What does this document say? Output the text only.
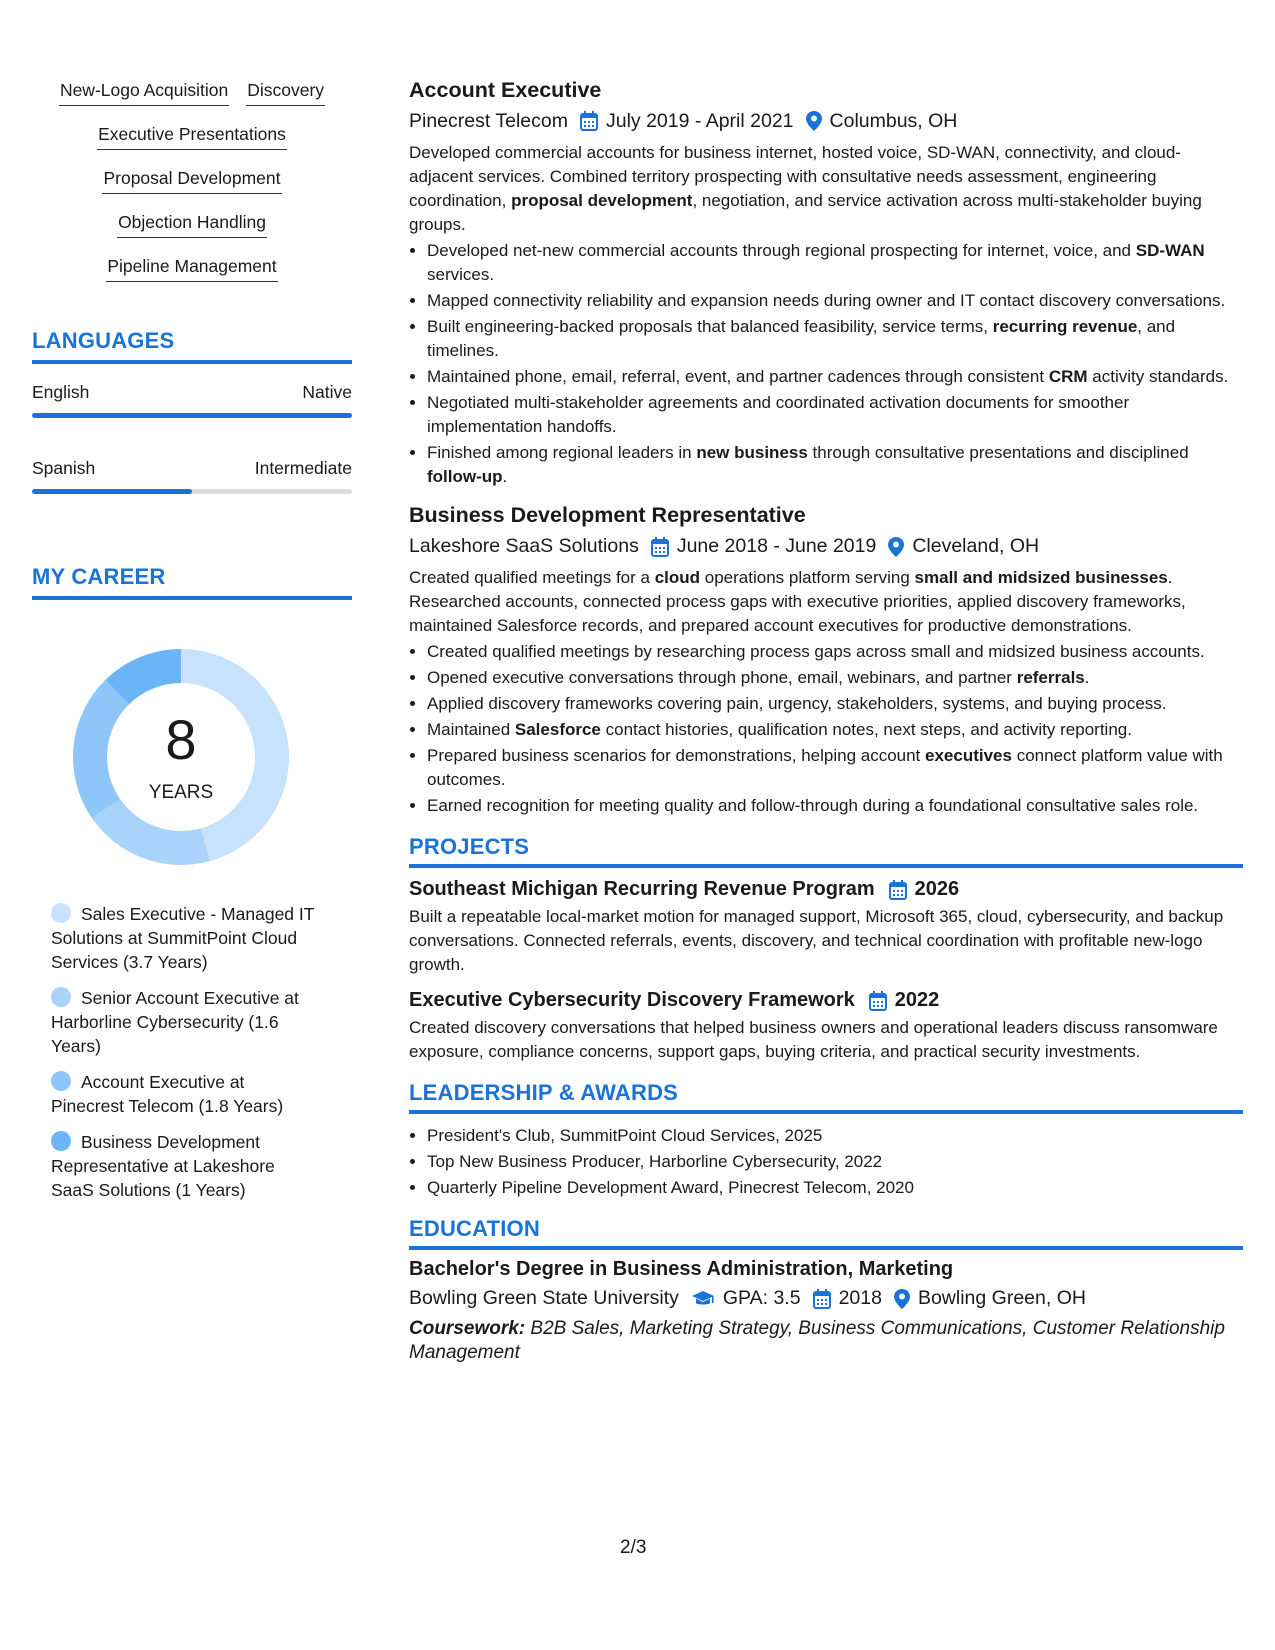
New-Logo Acquisition Discovery
Executive Presentations
Proposal Development
Objection Handling
Pipeline Management
LANGUAGES
English	Native
Spanish	Intermediate
MY CAREER
8
YEARS
Sales Executive - Managed IT Solutions at SummitPoint Cloud Services (3.7 Years)
Senior Account Executive at Harborline Cybersecurity (1.6 Years)
Account Executive at Pinecrest Telecom (1.8 Years)
Business Development Representative at Lakeshore SaaS Solutions (1 Years)
Account Executive
Pinecrest Telecom July 2019 - April 2021 Columbus, OH
Developed commercial accounts for business internet, hosted voice, SD-WAN, connectivity, and cloud-adjacent services. Combined territory prospecting with consultative needs assessment, engineering coordination, proposal development, negotiation, and service activation across multi-stakeholder buying groups.
• Developed net-new commercial accounts through regional prospecting for internet, voice, and SD-WAN services.
• Mapped connectivity reliability and expansion needs during owner and IT contact discovery conversations.
• Built engineering-backed proposals that balanced feasibility, service terms, recurring revenue, and timelines.
• Maintained phone, email, referral, event, and partner cadences through consistent CRM activity standards.
• Negotiated multi-stakeholder agreements and coordinated activation documents for smoother implementation handoffs.
• Finished among regional leaders in new business through consultative presentations and disciplined follow-up.
Business Development Representative
Lakeshore SaaS Solutions June 2018 - June 2019 Cleveland, OH
Created qualified meetings for a cloud operations platform serving small and midsized businesses. Researched accounts, connected process gaps with executive priorities, applied discovery frameworks, maintained Salesforce records, and prepared account executives for productive demonstrations.
• Created qualified meetings by researching process gaps across small and midsized business accounts.
• Opened executive conversations through phone, email, webinars, and partner referrals.
• Applied discovery frameworks covering pain, urgency, stakeholders, systems, and buying process.
• Maintained Salesforce contact histories, qualification notes, next steps, and activity reporting.
• Prepared business scenarios for demonstrations, helping account executives connect platform value with outcomes.
• Earned recognition for meeting quality and follow-through during a foundational consultative sales role.
PROJECTS
Southeast Michigan Recurring Revenue Program 2026
Built a repeatable local-market motion for managed support, Microsoft 365, cloud, cybersecurity, and backup conversations. Connected referrals, events, discovery, and technical coordination with profitable new-logo growth.
Executive Cybersecurity Discovery Framework 2022
Created discovery conversations that helped business owners and operational leaders discuss ransomware exposure, compliance concerns, support gaps, buying criteria, and practical security investments.
LEADERSHIP & AWARDS
• President's Club, SummitPoint Cloud Services, 2025
• Top New Business Producer, Harborline Cybersecurity, 2022
• Quarterly Pipeline Development Award, Pinecrest Telecom, 2020
EDUCATION
Bachelor's Degree in Business Administration, Marketing
Bowling Green State University GPA: 3.5 2018 Bowling Green, OH
Coursework: B2B Sales, Marketing Strategy, Business Communications, Customer Relationship Management
2/3
